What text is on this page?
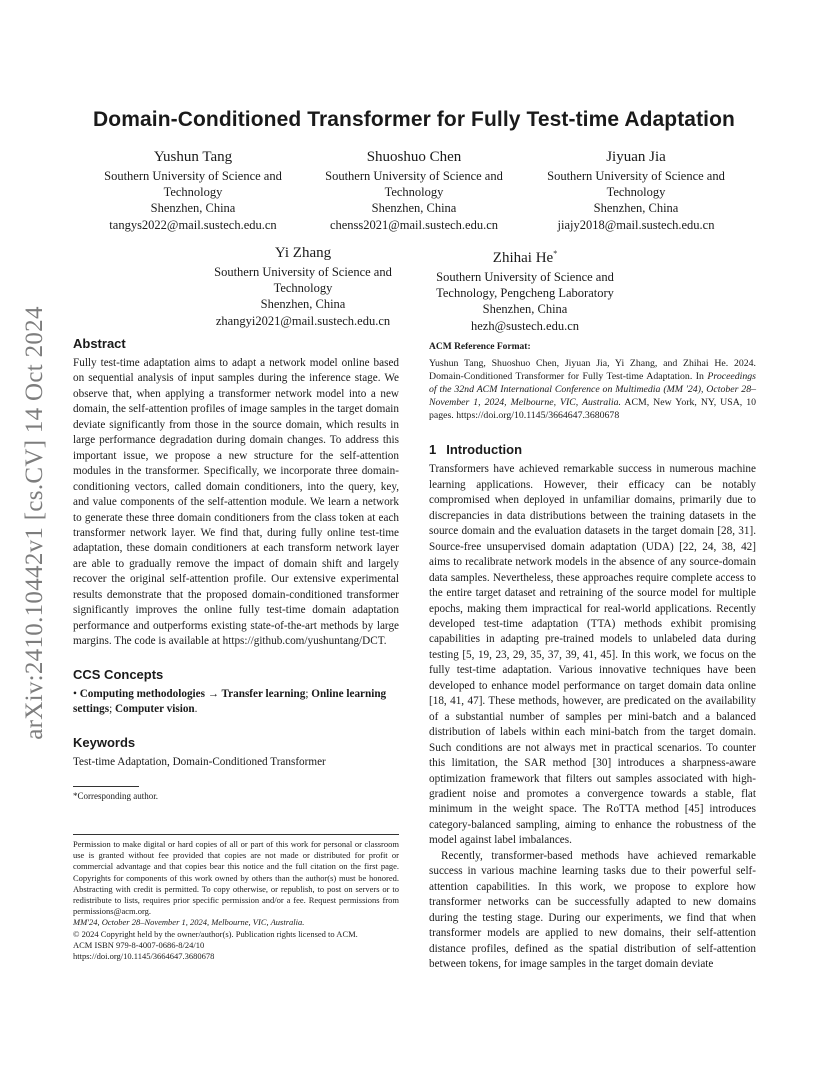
arXiv:2410.10442v1 [cs.CV] 14 Oct 2024
Domain-Conditioned Transformer for Fully Test-time Adaptation
Yushun Tang
Southern University of Science and
Technology
Shenzhen, China
tangys2022@mail.sustech.edu.cn
Shuoshuo Chen
Southern University of Science and
Technology
Shenzhen, China
chenss2021@mail.sustech.edu.cn
Jiyuan Jia
Southern University of Science and
Technology
Shenzhen, China
jiajy2018@mail.sustech.edu.cn
Yi Zhang
Southern University of Science and
Technology
Shenzhen, China
zhangyi2021@mail.sustech.edu.cn
Zhihai He*
Southern University of Science and
Technology, Pengcheng Laboratory
Shenzhen, China
hezh@sustech.edu.cn
Abstract

Fully test-time adaptation aims to adapt a network model online based on sequential analysis of input samples during the inference stage. We observe that, when applying a transformer network model into a new domain, the self-attention profiles of image samples in the target domain deviate significantly from those in the source domain, which results in large performance degradation during domain changes. To address this important issue, we propose a new structure for the self-attention modules in the transformer. Specifically, we incorporate three domain-conditioning vectors, called domain conditioners, into the query, key, and value components of the self-attention module. We learn a network to generate these three domain conditioners from the class token at each transformer network layer. We find that, during fully online test-time adaptation, these domain conditioners at each transform network layer are able to gradually remove the impact of domain shift and largely recover the original self-attention profile. Our extensive experimental results demonstrate that the proposed domain-conditioned transformer significantly improves the online fully test-time domain adaptation performance and outperforms existing state-of-the-art methods by large margins. The code is available at https://github.com/yushuntang/DCT.

CCS Concepts

• Computing methodologies → Transfer learning; Online learning settings; Computer vision.

Keywords

Test-time Adaptation, Domain-Conditioned Transformer

*Corresponding author.

Permission to make digital or hard copies of all or part of this work for personal or classroom use is granted without fee provided that copies are not made or distributed for profit or commercial advantage and that copies bear this notice and the full citation on the first page. Copyrights for components of this work owned by others than the author(s) must be honored. Abstracting with credit is permitted. To copy otherwise, or republish, to post on servers or to redistribute to lists, requires prior specific permission and/or a fee. Request permissions from permissions@acm.org.

MM'24, October 28–November 1, 2024, Melbourne, VIC, Australia.

© 2024 Copyright held by the owner/author(s). Publication rights licensed to ACM.

ACM ISBN 979-8-4007-0686-8/24/10

https://doi.org/10.1145/3664647.3680678

ACM Reference Format:

Yushun Tang, Shuoshuo Chen, Jiyuan Jia, Yi Zhang, and Zhihai He. 2024. Domain-Conditioned Transformer for Fully Test-time Adaptation. In Proceedings of the 32nd ACM International Conference on Multimedia (MM '24), October 28–November 1, 2024, Melbourne, VIC, Australia. ACM, New York, NY, USA, 10 pages. https://doi.org/10.1145/3664647.3680678

1 Introduction

Transformers have achieved remarkable success in numerous machine learning applications. However, their efficacy can be notably compromised when deployed in unfamiliar domains, primarily due to discrepancies in data distributions between the training datasets in the source domain and the evaluation datasets in the target domain [28, 31]. Source-free unsupervised domain adaptation (UDA) [22, 24, 38, 42] aims to recalibrate network models in the absence of any source-domain data samples. Nevertheless, these approaches require complete access to the entire target dataset and retraining of the source model for multiple epochs, making them impractical for real-world applications. Recently developed test-time adaptation (TTA) methods exhibit promising capabilities in adapting pre-trained models to unlabeled data during testing [5, 19, 23, 29, 35, 37, 39, 41, 45]. In this work, we focus on the fully test-time adaptation. Various innovative techniques have been developed to enhance model performance on target domain data online [18, 41, 47]. These methods, however, are predicated on the availability of a substantial number of samples per mini-batch and a balanced distribution of labels within each mini-batch from the target domain. Such conditions are not always met in practical scenarios. To counter this limitation, the SAR method [30] introduces a sharpness-aware optimization framework that filters out samples associated with high-gradient noise and promotes a convergence towards a stable, flat minimum in the weight space. The RoTTA method [45] introduces category-balanced sampling, aiming to enhance the robustness of the model against label imbalances.

Recently, transformer-based methods have achieved remarkable success in various machine learning tasks due to their powerful self-attention capabilities. In this work, we propose to explore how transformer networks can be successfully adapted to new domains during the testing stage. During our experiments, we find that when transformer models are applied to new domains, their self-attention distance profiles, defined as the spatial distribution of self-attention between tokens, for image samples in the target domain deviate
